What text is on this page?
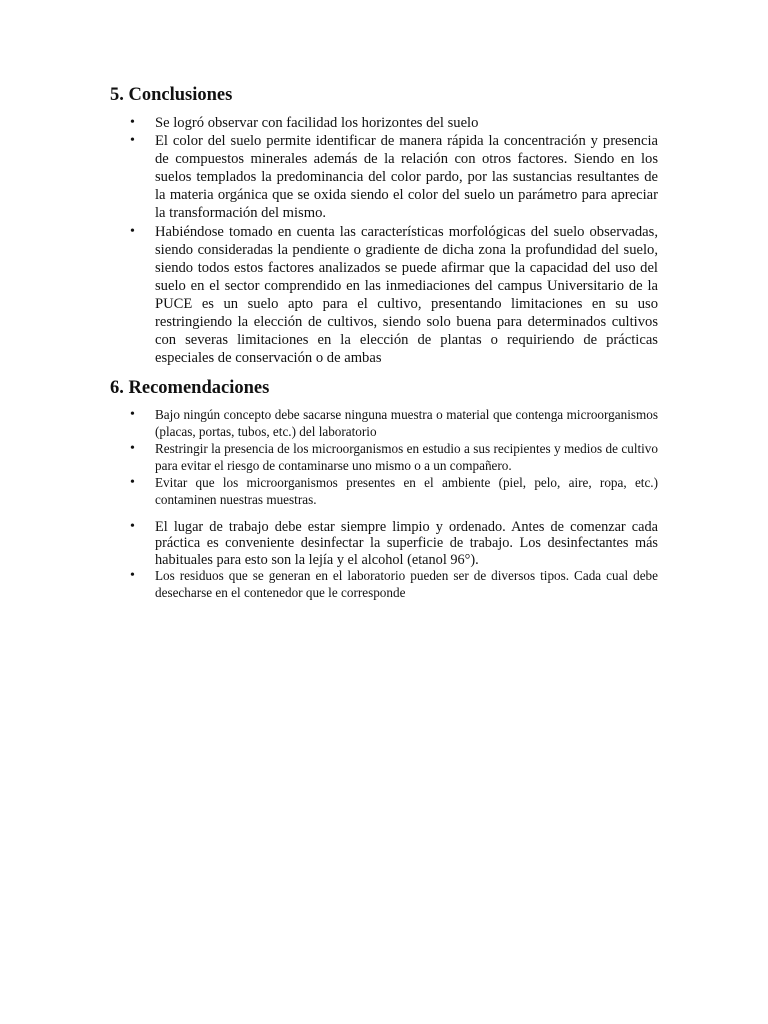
5. Conclusiones
• Se logró observar con facilidad los horizontes del suelo
• El color del suelo permite identificar de manera rápida la concentración y presencia de compuestos minerales además de la relación con otros factores. Siendo en los suelos templados la predominancia del color pardo, por las sustancias resultantes de la materia orgánica que se oxida siendo el color del suelo un parámetro para apreciar la transformación del mismo.
• Habiéndose tomado en cuenta las características morfológicas del suelo observadas, siendo consideradas la pendiente o gradiente de dicha zona la profundidad del suelo, siendo todos estos factores analizados se puede afirmar que la capacidad del uso del suelo en el sector comprendido en las inmediaciones del campus Universitario de la PUCE es un suelo apto para el cultivo, presentando limitaciones en su uso restringiendo la elección de cultivos, siendo solo buena para determinados cultivos con severas limitaciones en la elección de plantas o requiriendo de prácticas especiales de conservación o de ambas
6. Recomendaciones
• Bajo ningún concepto debe sacarse ninguna muestra o material que contenga microorganismos (placas, portas, tubos, etc.) del laboratorio
• Restringir la presencia de los microorganismos en estudio a sus recipientes y medios de cultivo para evitar el riesgo de contaminarse uno mismo o a un compañero.
• Evitar que los microorganismos presentes en el ambiente (piel, pelo, aire, ropa, etc.) contaminen nuestras muestras.
• El lugar de trabajo debe estar siempre limpio y ordenado. Antes de comenzar cada práctica es conveniente desinfectar la superficie de trabajo. Los desinfectantes más habituales para esto son la lejía y el alcohol (etanol 96°).
• Los residuos que se generan en el laboratorio pueden ser de diversos tipos. Cada cual debe desecharse en el contenedor que le corresponde
